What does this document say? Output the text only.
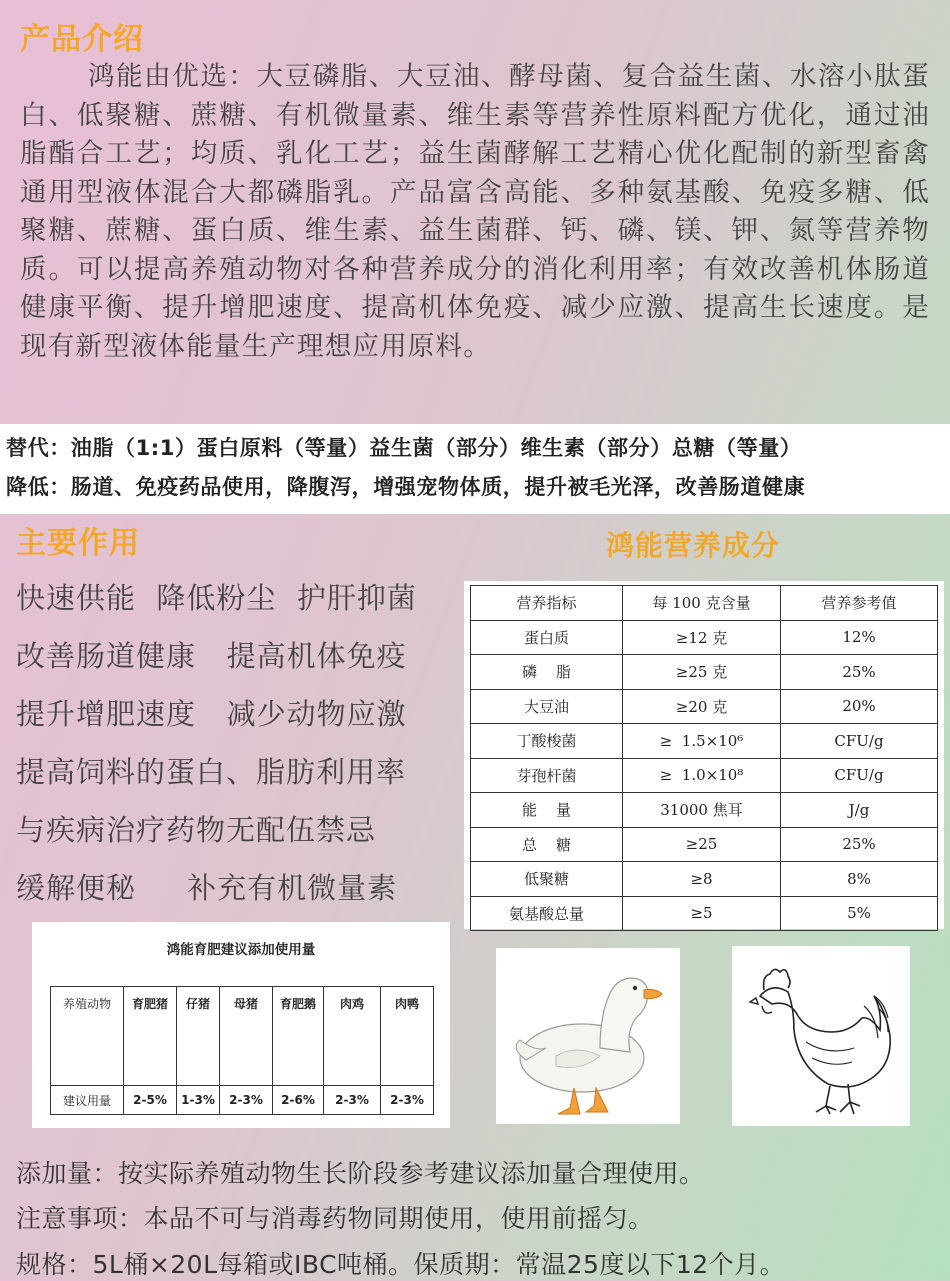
产品介绍
鸿能由优选：大豆磷脂、大豆油、酵母菌、复合益生菌、水溶小肽蛋白、低聚糖、蔗糖、有机微量素、维生素等营养性原料配方优化，通过油脂酯合工艺；均质、乳化工艺；益生菌酵解工艺精心优化配制的新型畜禽通用型液体混合大都磷脂乳。产品富含高能、多种氨基酸、免疫多糖、低聚糖、蔗糖、蛋白质、维生素、益生菌群、钙、磷、镁、钾、氮等营养物质。可以提高养殖动物对各种营养成分的消化利用率；有效改善机体肠道健康平衡、提升增肥速度、提高机体免疫、减少应激、提高生长速度。是现有新型液体能量生产理想应用原料。
替代：油脂（1:1）蛋白原料（等量）益生菌（部分）维生素（部分）总糖（等量）
降低：肠道、免疫药品使用，降腹泻，增强宠物体质，提升被毛光泽，改善肠道健康
主要作用
快速供能  降低粉尘  护肝抑菌
改善肠道健康   提高机体免疫
提升增肥速度   减少动物应激
提高饲料的蛋白、脂肪利用率
与疾病治疗药物无配伍禁忌
缓解便秘     补充有机微量素
鸿能营养成分
营养指标	每 100 克含量	营养参考值
蛋白质	≥12 克	12%
磷    脂	≥25 克	25%
大豆油	≥20 克	20%
丁酸梭菌	≥  1.5×10⁶	CFU/g
芽孢杆菌	≥  1.0×10⁸	CFU/g
能    量	31000 焦耳	J/g
总    糖	≥25	25%
低聚糖	≥8	8%
氨基酸总量	≥5	5%
鸿能育肥建议添加使用量
养殖动物	育肥猪	仔猪	母猪	育肥鹅	肉鸡	肉鸭
建议用量	2-5%	1-3%	2-3%	2-6%	2-3%	2-3%
添加量：按实际养殖动物生长阶段参考建议添加量合理使用。
注意事项：本品不可与消毒药物同期使用，使用前摇匀。
规格：5L桶×20L每箱或IBC吨桶。保质期：常温25度以下12个月。
